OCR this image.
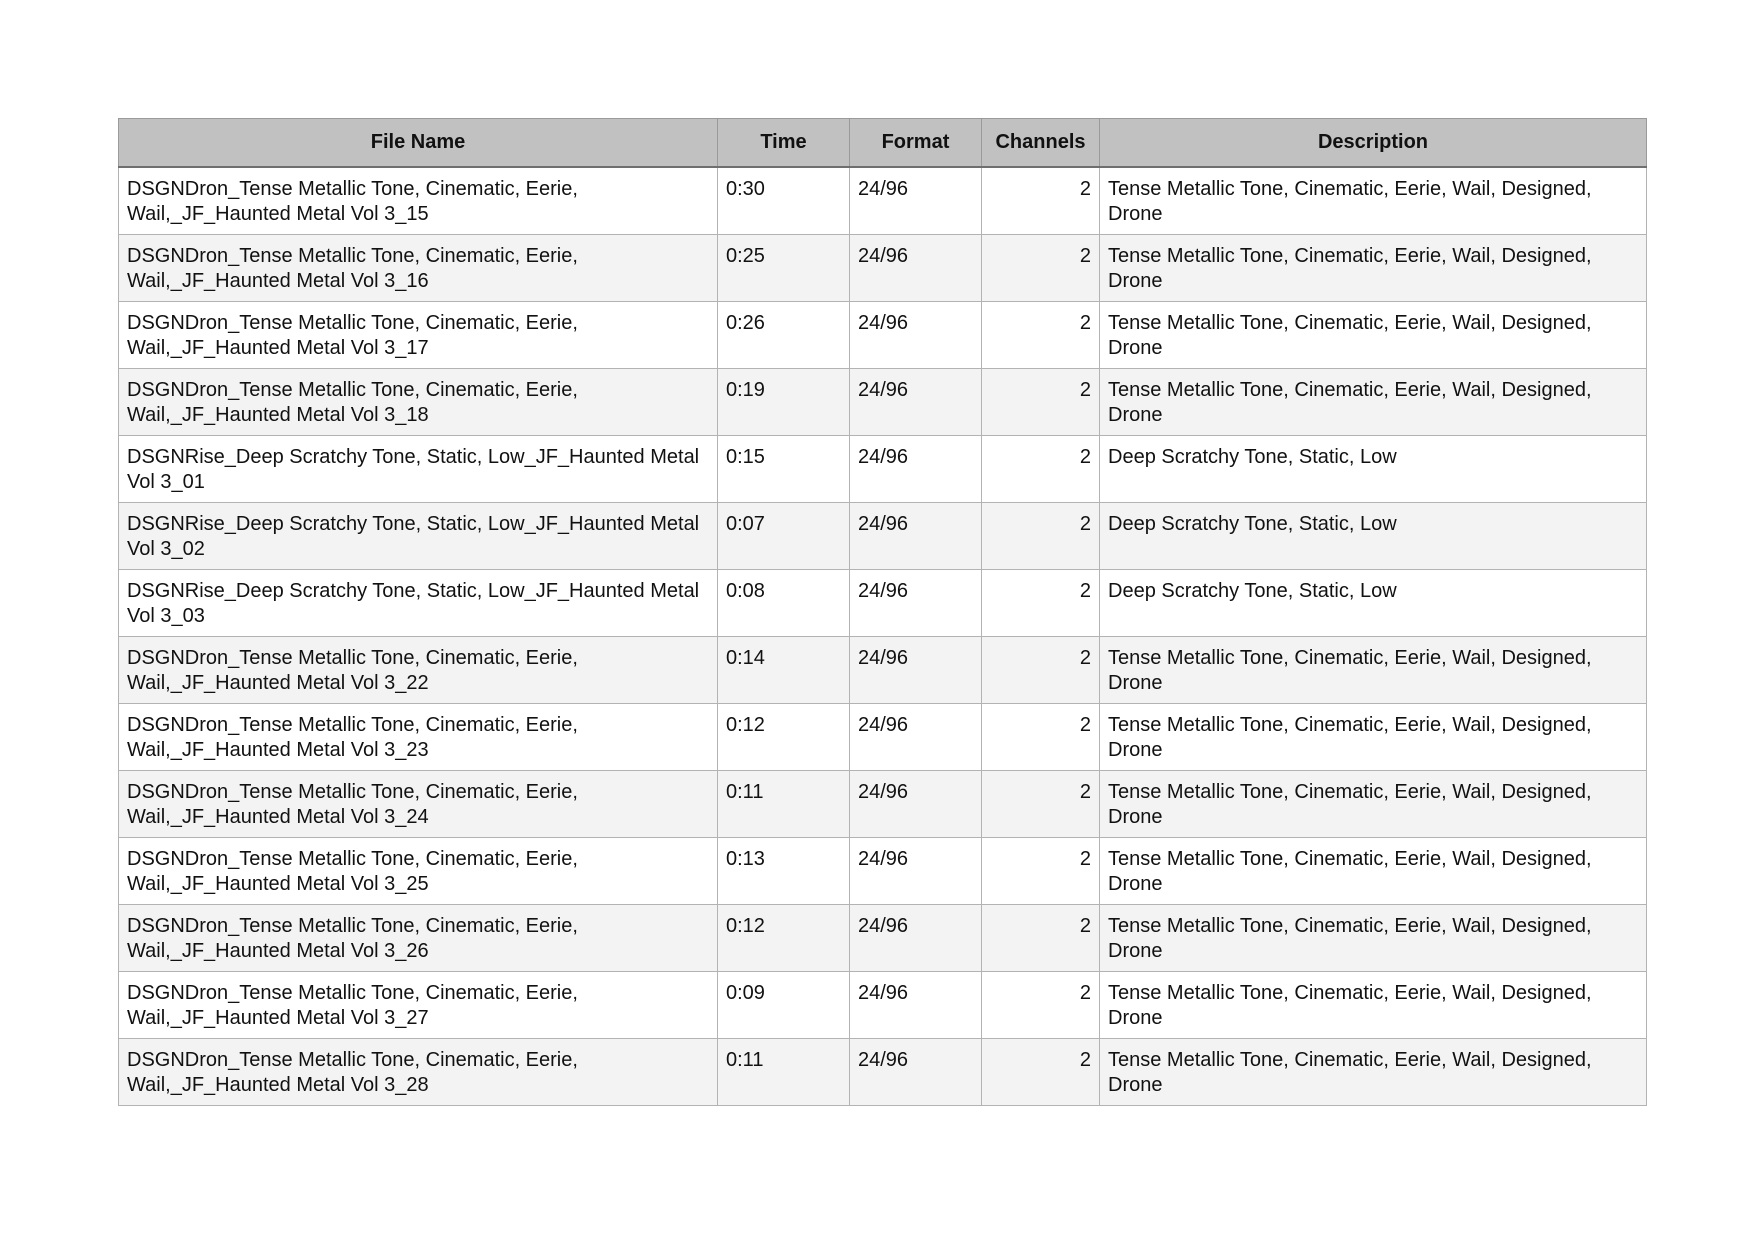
File Name	Time	Format	Channels	Description
DSGNDron_Tense Metallic Tone, Cinematic, Eerie, Wail,_JF_Haunted Metal Vol 3_15	0:30	24/96	2	Tense Metallic Tone, Cinematic, Eerie, Wail, Designed, Drone
DSGNDron_Tense Metallic Tone, Cinematic, Eerie, Wail,_JF_Haunted Metal Vol 3_16	0:25	24/96	2	Tense Metallic Tone, Cinematic, Eerie, Wail, Designed, Drone
DSGNDron_Tense Metallic Tone, Cinematic, Eerie, Wail,_JF_Haunted Metal Vol 3_17	0:26	24/96	2	Tense Metallic Tone, Cinematic, Eerie, Wail, Designed, Drone
DSGNDron_Tense Metallic Tone, Cinematic, Eerie, Wail,_JF_Haunted Metal Vol 3_18	0:19	24/96	2	Tense Metallic Tone, Cinematic, Eerie, Wail, Designed, Drone
DSGNRise_Deep Scratchy Tone, Static, Low_JF_Haunted Metal Vol 3_01	0:15	24/96	2	Deep Scratchy Tone, Static, Low
DSGNRise_Deep Scratchy Tone, Static, Low_JF_Haunted Metal Vol 3_02	0:07	24/96	2	Deep Scratchy Tone, Static, Low
DSGNRise_Deep Scratchy Tone, Static, Low_JF_Haunted Metal Vol 3_03	0:08	24/96	2	Deep Scratchy Tone, Static, Low
DSGNDron_Tense Metallic Tone, Cinematic, Eerie, Wail,_JF_Haunted Metal Vol 3_22	0:14	24/96	2	Tense Metallic Tone, Cinematic, Eerie, Wail, Designed, Drone
DSGNDron_Tense Metallic Tone, Cinematic, Eerie, Wail,_JF_Haunted Metal Vol 3_23	0:12	24/96	2	Tense Metallic Tone, Cinematic, Eerie, Wail, Designed, Drone
DSGNDron_Tense Metallic Tone, Cinematic, Eerie, Wail,_JF_Haunted Metal Vol 3_24	0:11	24/96	2	Tense Metallic Tone, Cinematic, Eerie, Wail, Designed, Drone
DSGNDron_Tense Metallic Tone, Cinematic, Eerie, Wail,_JF_Haunted Metal Vol 3_25	0:13	24/96	2	Tense Metallic Tone, Cinematic, Eerie, Wail, Designed, Drone
DSGNDron_Tense Metallic Tone, Cinematic, Eerie, Wail,_JF_Haunted Metal Vol 3_26	0:12	24/96	2	Tense Metallic Tone, Cinematic, Eerie, Wail, Designed, Drone
DSGNDron_Tense Metallic Tone, Cinematic, Eerie, Wail,_JF_Haunted Metal Vol 3_27	0:09	24/96	2	Tense Metallic Tone, Cinematic, Eerie, Wail, Designed, Drone
DSGNDron_Tense Metallic Tone, Cinematic, Eerie, Wail,_JF_Haunted Metal Vol 3_28	0:11	24/96	2	Tense Metallic Tone, Cinematic, Eerie, Wail, Designed, Drone
